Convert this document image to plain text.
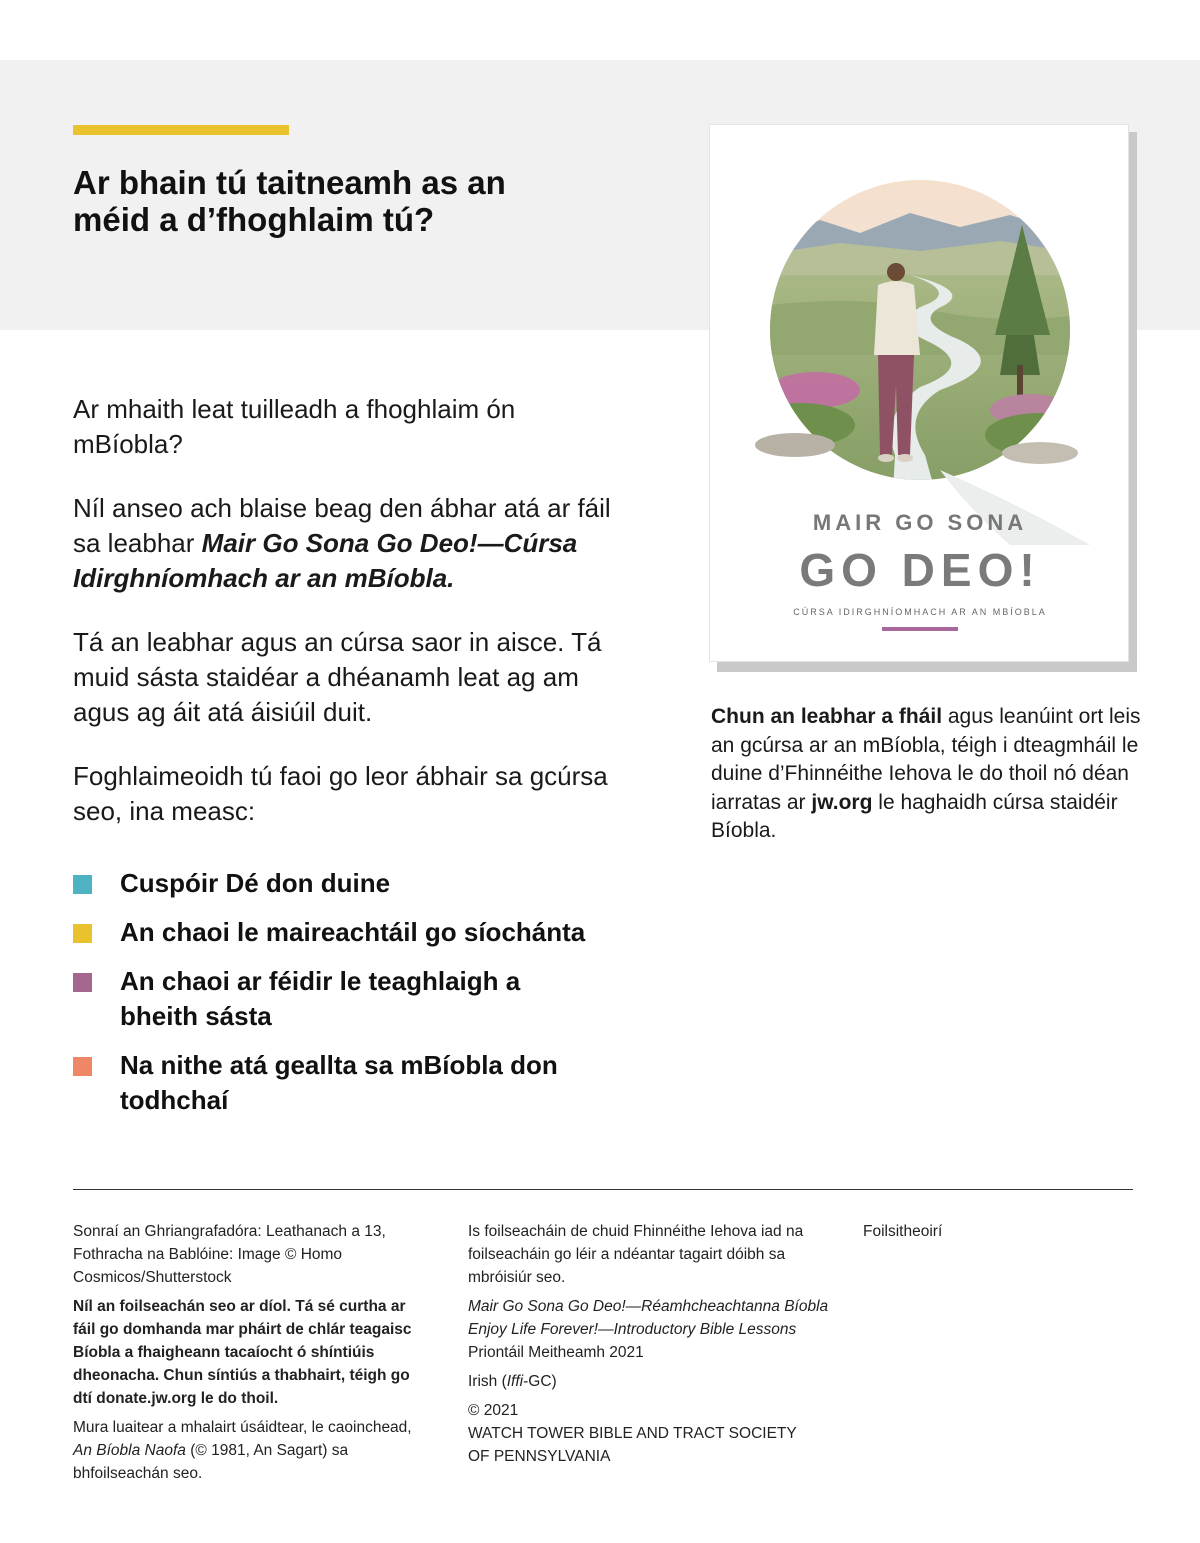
Ar bhain tú taitneamh as an
méid a d’fhoghlaim tú?

Ar mhaith leat tuilleadh a fhoghlaim ón mBíobla?

Níl anseo ach blaise beag den ábhar atá ar fáil sa leabhar Mair Go Sona Go Deo!—Cúrsa Idirghníomhach ar an mBíobla.

Tá an leabhar agus an cúrsa saor in aisce. Tá muid sásta staidéar a dhéanamh leat ag am agus ag áit atá áisiúil duit.

Foghlaimeoidh tú faoi go leor ábhair sa gcúrsa seo, ina measc:

Cuspóir Dé don duine
An chaoi le maireachtáil go síochánta
An chaoi ar féidir le teaghlaigh a bheith sásta
Na nithe atá geallta sa mBíobla don todhchaí
MAIR GO SONA
GO DEO!
CÚRSA IDIRGHNÍOMHACH AR AN MBÍOBLA
Chun an leabhar a fháil agus leanúint ort leis an gcúrsa ar an mBíobla, téigh i dteagmháil le duine d’Fhinnéithe Iehova le do thoil nó déan iarratas ar jw.org le haghaidh cúrsa staidéir Bíobla.

Sonraí an Ghriangrafadóra: Leathanach a 13, Fothracha na Bablóine: Image © Homo Cosmicos/Shutterstock

Níl an foilseachán seo ar díol. Tá sé curtha ar fáil go domhanda mar pháirt de chlár teagaisc Bíobla a fhaigheann tacaíocht ó shíntiúis dheonacha. Chun síntiús a thabhairt, téigh go dtí donate.jw.org le do thoil.

Mura luaitear a mhalairt úsáidtear, le caoinchead, An Bíobla Naofa (© 1981, An Sagart) sa bhfoilseachán seo.

Is foilseacháin de chuid Fhinnéithe Iehova iad na foilseacháin go léir a ndéantar tagairt dóibh sa mbróisiúr seo.

Mair Go Sona Go Deo!—Réamhcheachtanna Bíobla

Enjoy Life Forever!—Introductory Bible Lessons

Priontáil Meitheamh 2021

Irish (Iffi-GC)

© 2021
WATCH TOWER BIBLE AND TRACT SOCIETY
OF PENNSYLVANIA

Foilsitheoirí
